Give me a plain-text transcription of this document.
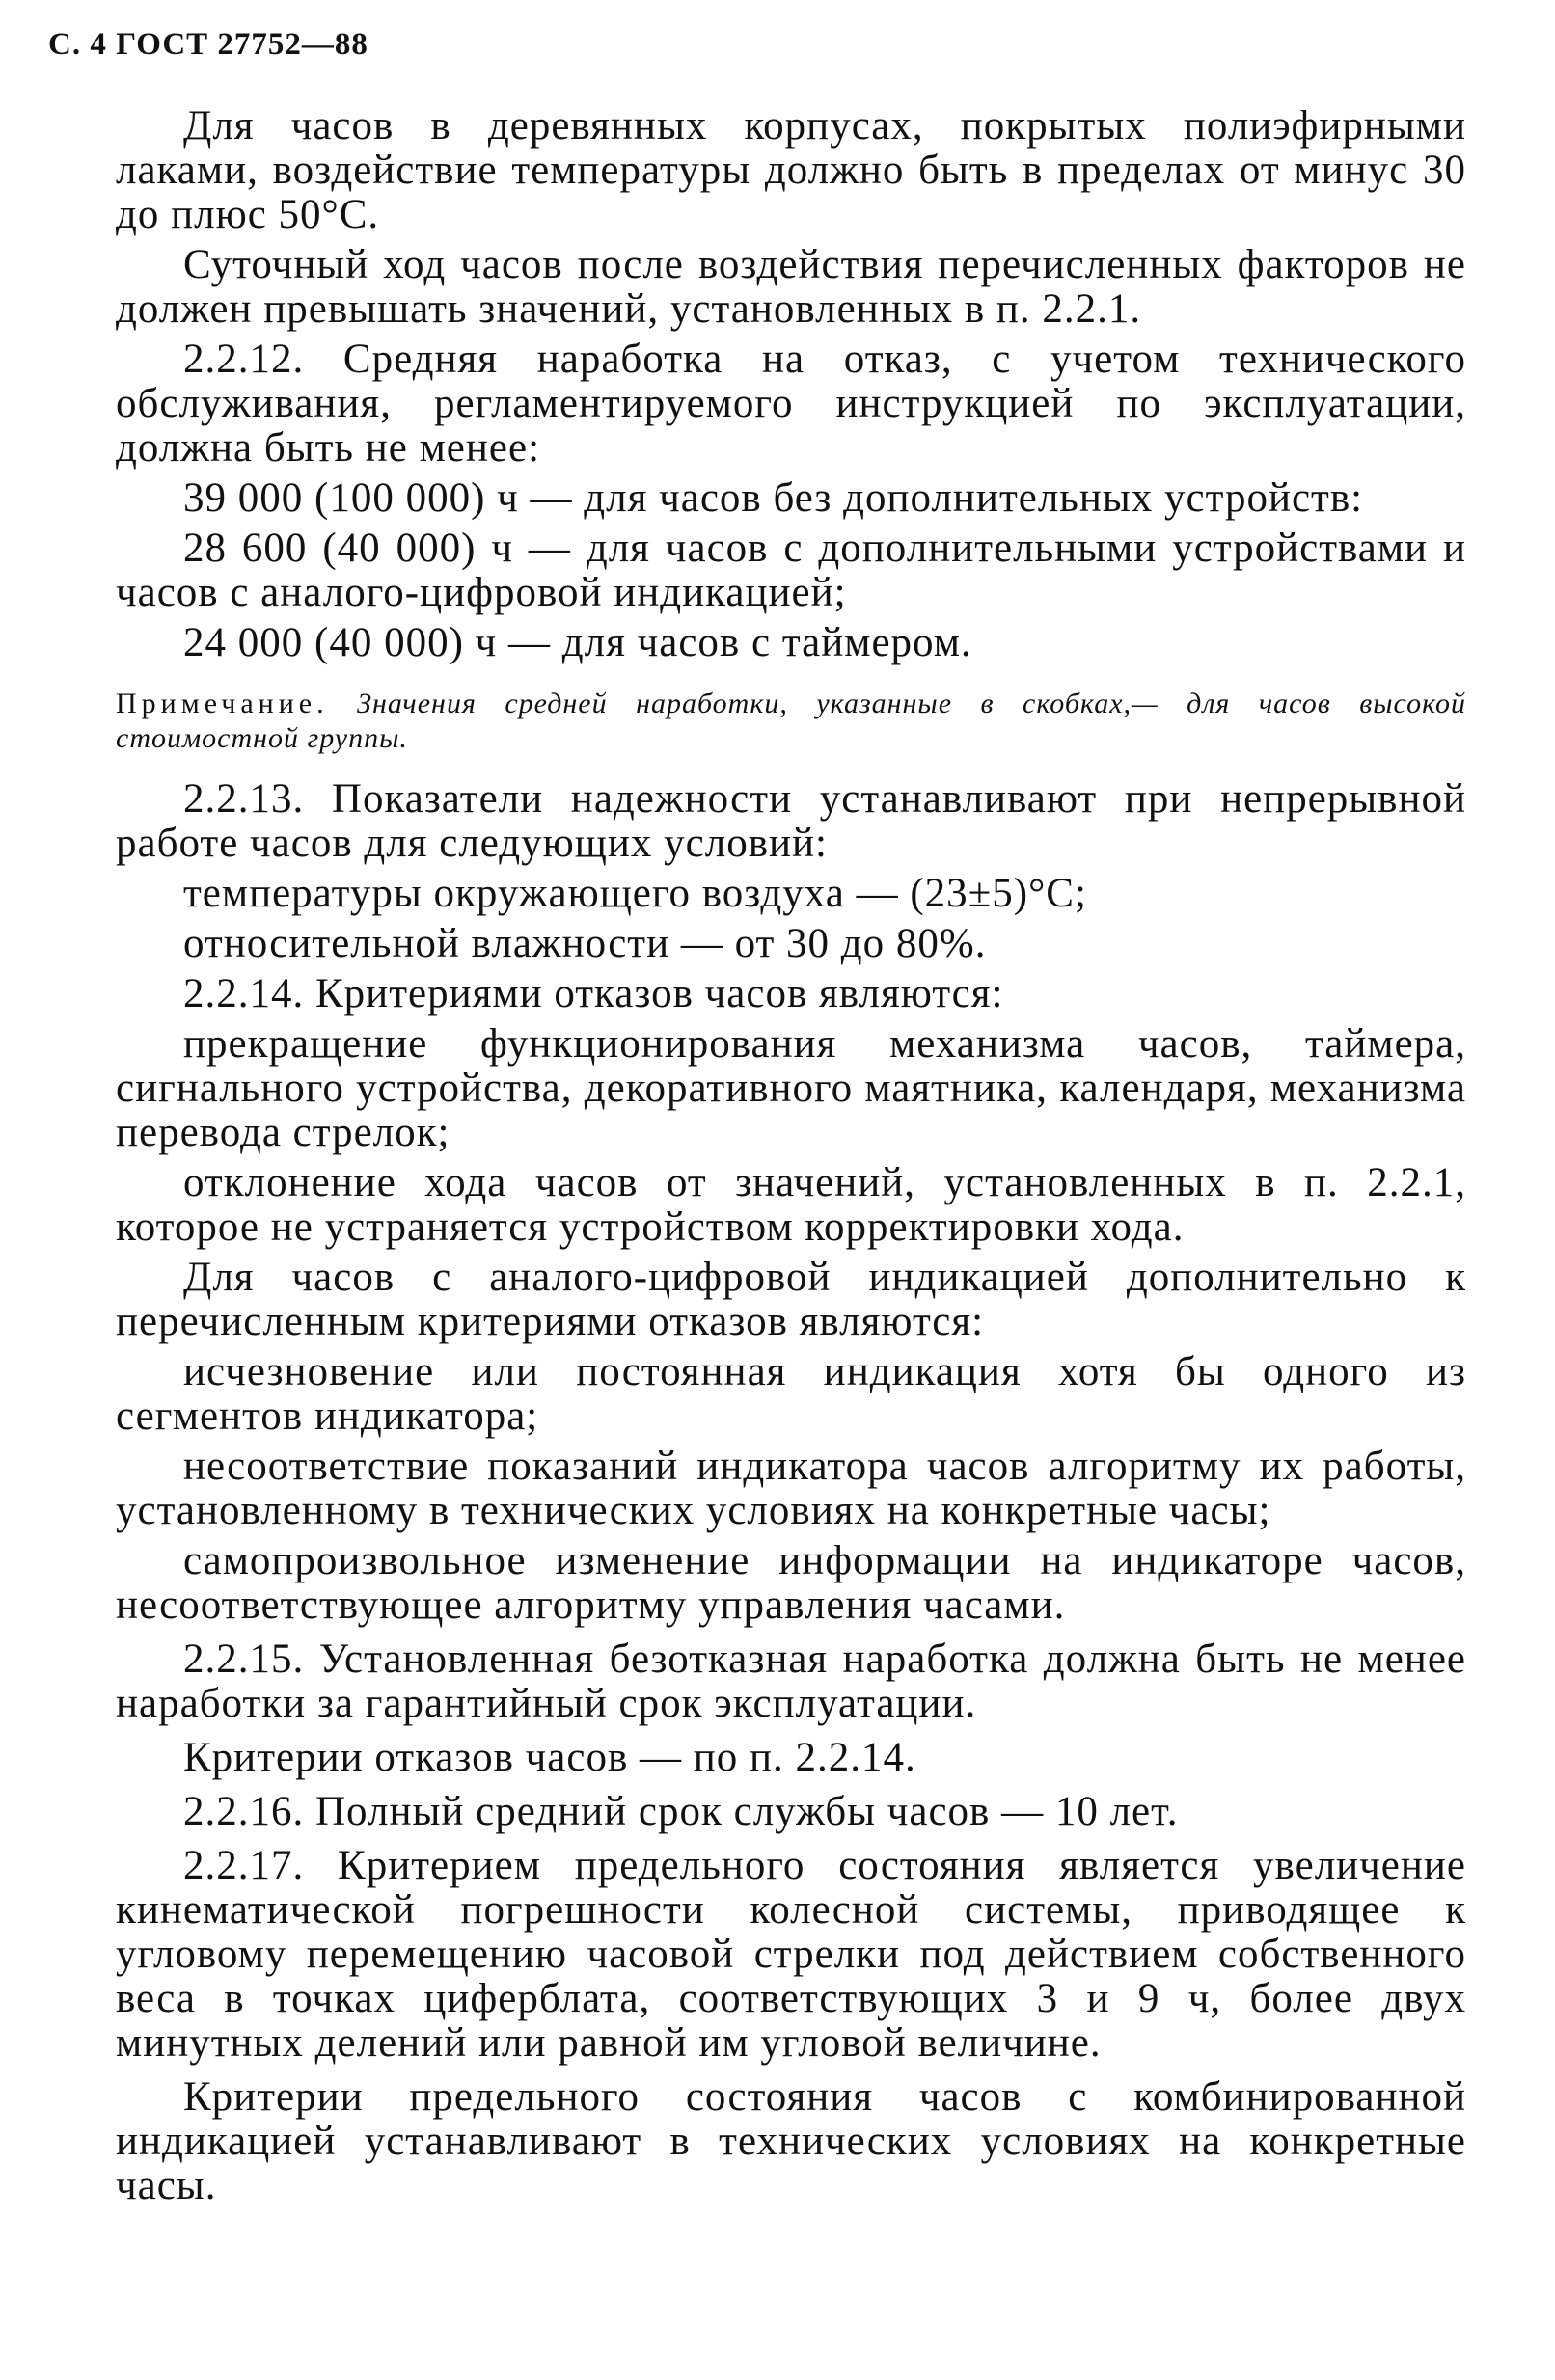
С. 4 ГОСТ 27752—88

Для часов в деревянных корпусах, покрытых полиэфирными лаками, воздействие температуры должно быть в пределах от минус 30 до плюс 50°С.

Суточный ход часов после воздействия перечисленных факторов не должен превышать значений, установленных в п. 2.2.1.

2.2.12. Средняя наработка на отказ, с учетом технического обслуживания, регламентируемого инструкцией по эксплуатации, должна быть не менее:

39 000 (100 000) ч — для часов без дополнительных устройств:

28 600 (40 000) ч — для часов с дополнительными устройствами и часов с аналого-цифровой индикацией;

24 000 (40 000) ч — для часов с таймером.

Примечание. Значения средней наработки, указанные в скобках,— для часов высокой стоимостной группы.

2.2.13. Показатели надежности устанавливают при непрерывной работе часов для следующих условий:

температуры окружающего воздуха — (23±5)°С;

относительной влажности — от 30 до 80%.

2.2.14. Критериями отказов часов являются:

прекращение функционирования механизма часов, таймера, сигнального устройства, декоративного маятника, календаря, механизма перевода стрелок;

отклонение хода часов от значений, установленных в п. 2.2.1, которое не устраняется устройством корректировки хода.

Для часов с аналого-цифровой индикацией дополнительно к перечисленным критериями отказов являются:

исчезновение или постоянная индикация хотя бы одного из сегментов индикатора;

несоответствие показаний индикатора часов алгоритму их работы, установленному в технических условиях на конкретные часы;

самопроизвольное изменение информации на индикаторе часов, несоответствующее алгоритму управления часами.

2.2.15. Установленная безотказная наработка должна быть не менее наработки за гарантийный срок эксплуатации.

Критерии отказов часов — по п. 2.2.14.

2.2.16. Полный средний срок службы часов — 10 лет.

2.2.17. Критерием предельного состояния является увеличение кинематической погрешности колесной системы, приводящее к угловому перемещению часовой стрелки под действием собственного веса в точках циферблата, соответствующих 3 и 9 ч, более двух минутных делений или равной им угловой величине.

Критерии предельного состояния часов с комбинированной индикацией устанавливают в технических условиях на конкретные часы.
